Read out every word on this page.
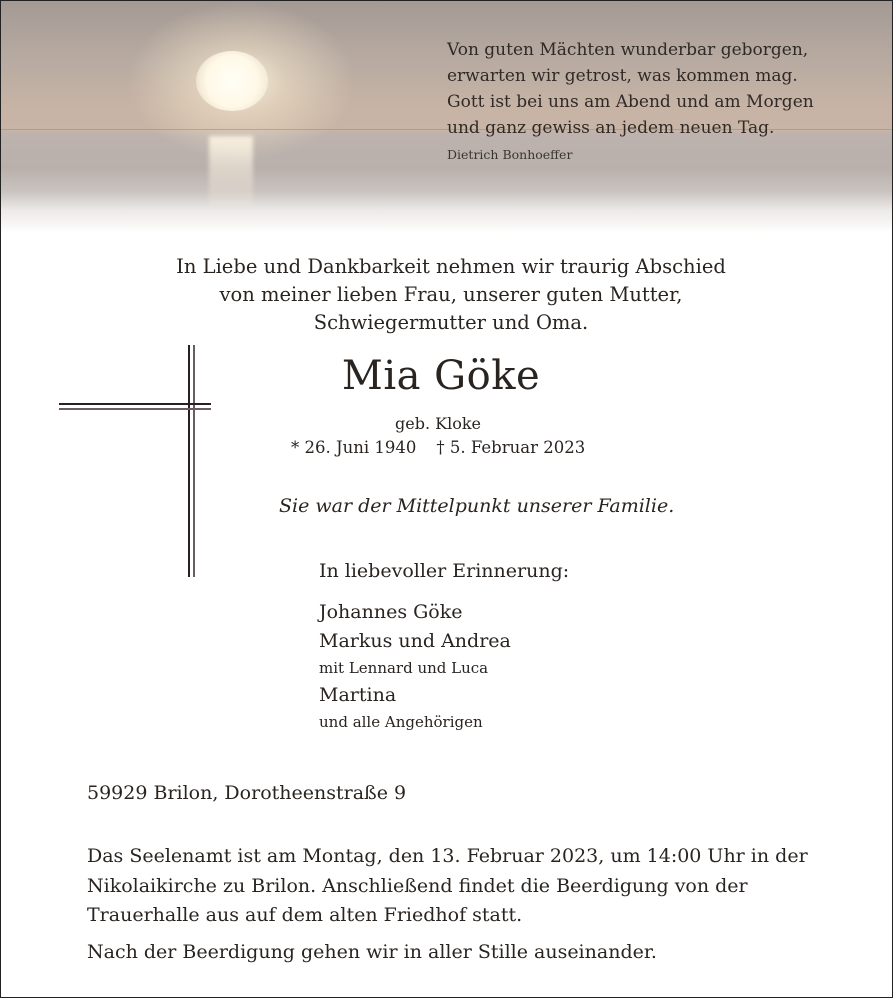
Von guten Mächten wunderbar geborgen,
erwarten wir getrost, was kommen mag.
Gott ist bei uns am Abend und am Morgen
und ganz gewiss an jedem neuen Tag.
Dietrich Bonhoeffer
In Liebe und Dankbarkeit nehmen wir traurig Abschied
von meiner lieben Frau, unserer guten Mutter,
Schwiegermutter und Oma.
Mia Göke
geb. Kloke
* 26. Juni 1940 † 5. Februar 2023
Sie war der Mittelpunkt unserer Familie.
In liebevoller Erinnerung:
Johannes Göke
Markus und Andrea
mit Lennard und Luca
Martina
und alle Angehörigen
59929 Brilon, Dorotheenstraße 9
Das Seelenamt ist am Montag, den 13. Februar 2023, um 14:00 Uhr in der
Nikolaikirche zu Brilon. Anschließend findet die Beerdigung von der
Trauerhalle aus auf dem alten Friedhof statt.
Nach der Beerdigung gehen wir in aller Stille auseinander.
